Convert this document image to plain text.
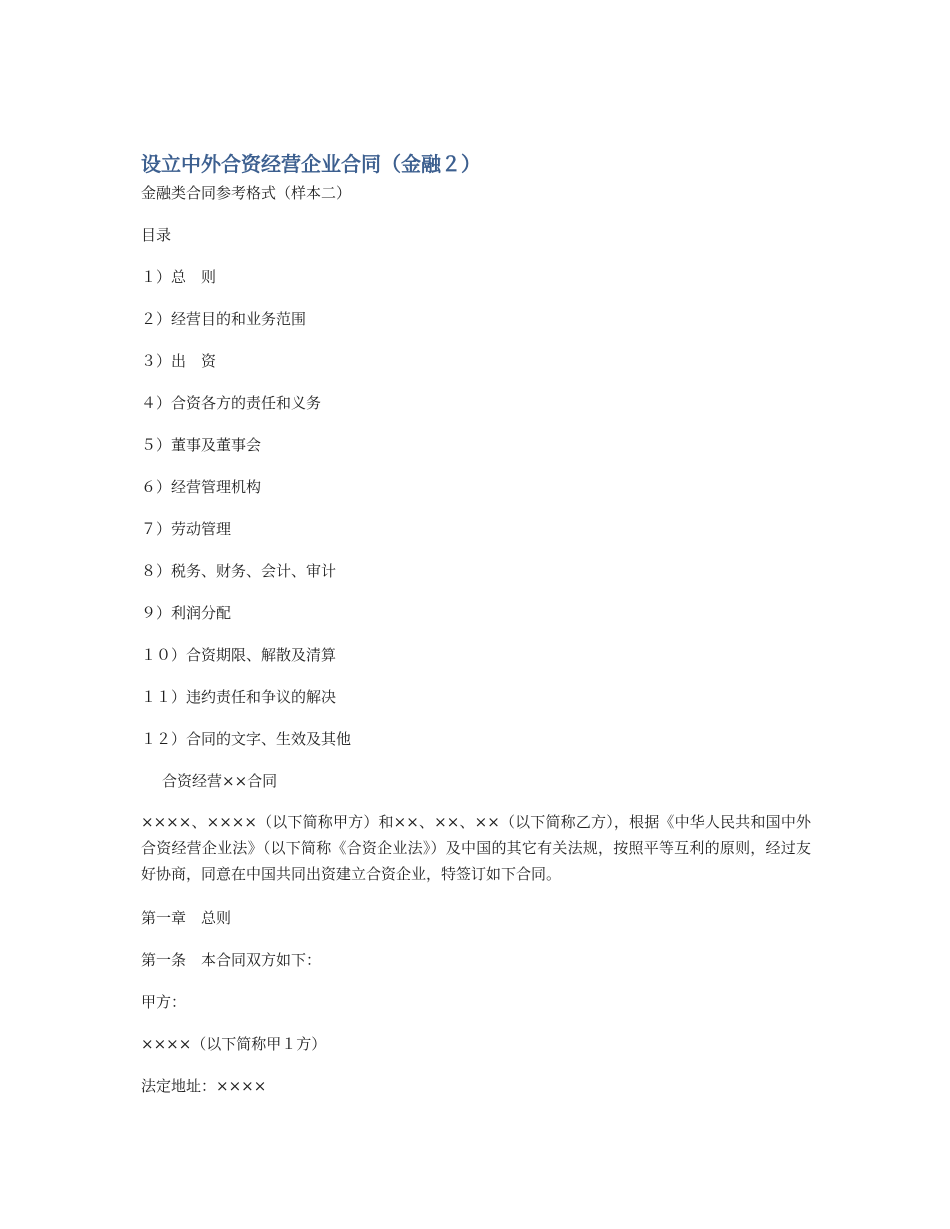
设立中外合资经营企业合同（金融２）

金融类合同参考格式（样本二）

目录

１）总　则

２）经营目的和业务范围

３）出　资

４）合资各方的责任和义务

５）董事及董事会

６）经营管理机构

７）劳动管理

８）税务、财务、会计、审计

９）利润分配

１０）合资期限、解散及清算

１１）违约责任和争议的解决

１２）合同的文字、生效及其他

合资经营××合同

××××、××××（以下简称甲方）和××、××、××（以下简称乙方），根据《中华人民共和国中外合资经营企业法》（以下简称《合资企业法》）及中国的其它有关法规，按照平等互利的原则，经过友好协商，同意在中国共同出资建立合资企业，特签订如下合同。

第一章　总则

第一条　本合同双方如下：

甲方：

××××（以下简称甲１方）

法定地址：××××
